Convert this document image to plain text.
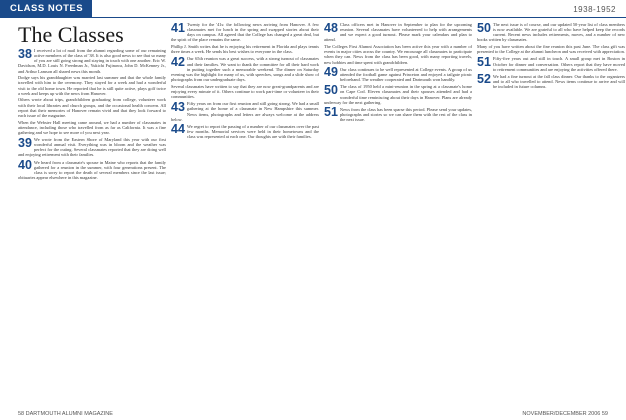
CLASS NOTES	1938-1952
The Classes

38 I received a lot of mail from the alumni regarding some of our remaining active members of the class of '38. It is also good news to see that so many of you are still going strong and staying in touch with one another. Eric W. Davidson, M.D. Louis N. Freedman Jr., Yukichi Fujinawa, John D. McKenney Jr., and Arthur Lamson all shared news this month.

Dodge says his granddaughter was married last summer and that the whole family travelled with him to the ceremony. They stayed for a week and had a wonderful visit to the old home town. He reported that he is still quite active, plays golf twice a week and keeps up with the news from Hanover.

Others wrote about trips, grandchildren graduating from college, volunteer work with their local libraries and church groups, and the occasional health concern. All report that their memories of Hanover remain vivid and that they look forward to each issue of the magazine.

When the Webster Hall meeting came around, we had a number of classmates in attendance, including those who travelled from as far as California. It was a fine gathering and we hope to see more of you next year.

39 We wrote from the Eastern Shore of Maryland this year with our first wonderful annual visit. Everything was in bloom and the weather was perfect for the outing. Several classmates reported that they are doing well and enjoying retirement with their families.

40 We heard from a classmate's spouse in Maine who reports that the family gathered for a reunion in the summer, with four generations present. The class is sorry to report the death of several members since the last issue; obituaries appear elsewhere in this magazine.

41 Twenty for the '41s: the following news arriving from Hanover. A few classmates met for lunch in the spring and swapped stories about their days on campus. All agreed that the College has changed a great deal, but the spirit of the place remains the same.

Phillip J. Smith writes that he is enjoying his retirement in Florida and plays tennis three times a week. He sends his best wishes to everyone in the class.

42 Our 65th reunion was a great success, with a strong turnout of classmates and their families. We want to thank the committee for all their hard work in putting together such a memorable weekend. The dinner on Saturday evening was the highlight for many of us, with speeches, songs and a slide show of photographs from our undergraduate days.

Several classmates have written to say that they are now great-grandparents and are enjoying every minute of it. Others continue to work part-time or volunteer in their communities.

43 Fifty years on from our first reunion and still going strong. We had a small gathering at the home of a classmate in New Hampshire this summer. News items, photographs and letters are always welcome at the address below.

44 We regret to report the passing of a number of our classmates over the past few months. Memorial services were held in their hometowns and the class was represented at each one. Our thoughts are with their families.

48 Class officers met in Hanover in September to plan for the upcoming reunion. Several classmates have volunteered to help with arrangements and we expect a good turnout. Please mark your calendars and plan to attend.

The Colleges First Alumni Association has been active this year with a number of events in major cities across the country. We encourage all classmates to participate when they can. News from the class has been good, with many reporting travels, new hobbies and time spent with grandchildren.

49 Our class continues to be well represented at College events. A group of us attended the football game against Princeton and enjoyed a tailgate picnic beforehand. The weather cooperated and Dartmouth won handily.

50 The class of 1950 held a mini-reunion in the spring at a classmate's home on Cape Cod. Eleven classmates and their spouses attended and had a wonderful time reminiscing about their days in Hanover. Plans are already underway for the next gathering.

51 News from the class has been sparse this period. Please send your updates, photographs and stories so we can share them with the rest of the class in the next issue.

50 The next issue is of course, and our updated 50-year list of class members is now available. We are grateful to all who have helped keep the records current. Recent news includes retirements, moves, and a number of new books written by classmates.

Many of you have written about the fine reunion this past June. The class gift was presented to the College at the alumni luncheon and was received with appreciation.

51 Fifty-five years out and still in touch. A small group met in Boston in October for dinner and conversation. Others report that they have moved to retirement communities and are enjoying the activities offered there.

52 We had a fine turnout at the fall class dinner. Our thanks to the organizers and to all who travelled to attend. News items continue to arrive and will be included in future columns.

58 DARTMOUTH ALUMNI MAGAZINE	NOVEMBER/DECEMBER 2006 59
